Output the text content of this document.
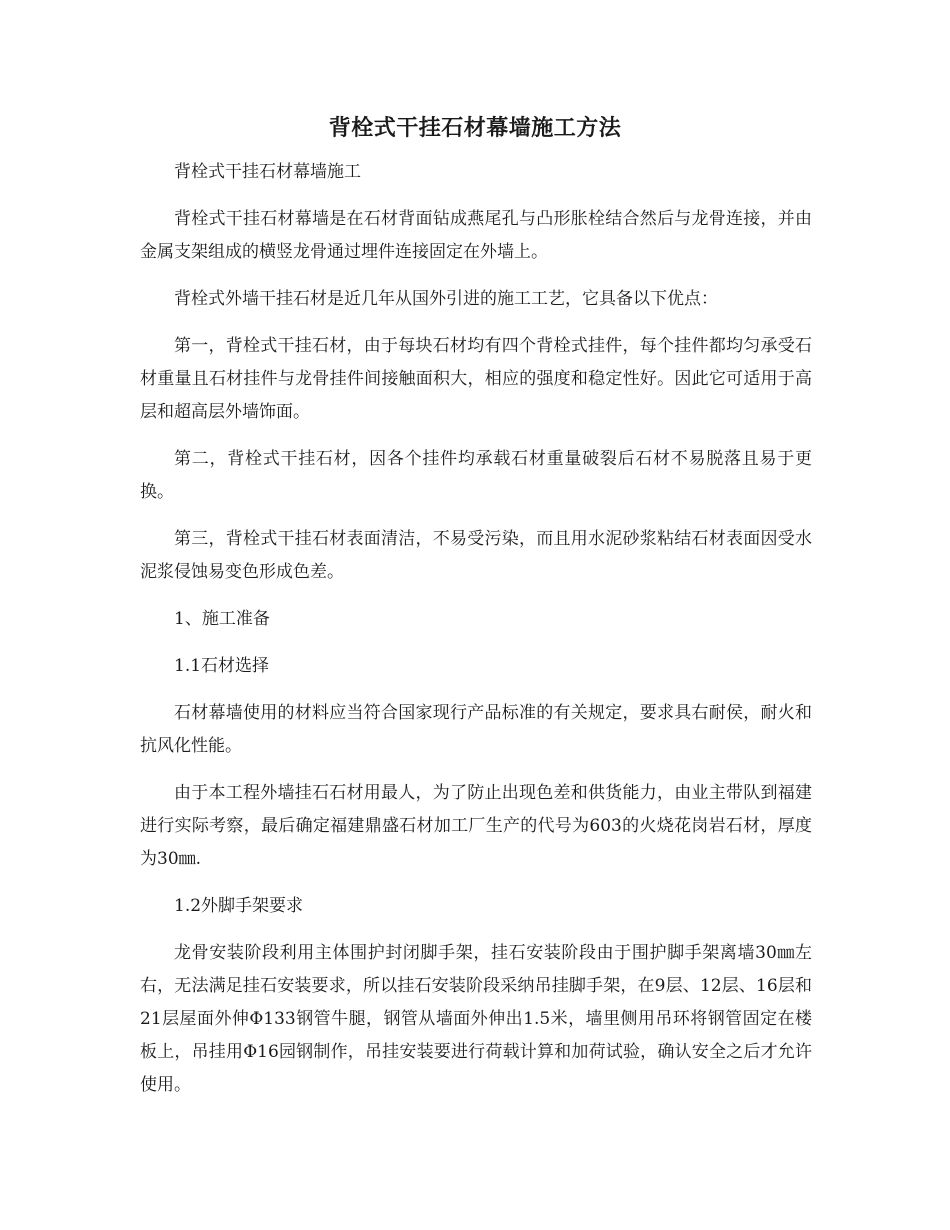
背栓式干挂石材幕墙施工方法

背栓式干挂石材幕墙施工

背栓式干挂石材幕墙是在石材背面钻成燕尾孔与凸形胀栓结合然后与龙骨连接，并由金属支架组成的横竖龙骨通过埋件连接固定在外墙上。

背栓式外墙干挂石材是近几年从国外引进的施工工艺，它具备以下优点：

第一，背栓式干挂石材，由于每块石材均有四个背栓式挂件，每个挂件都均匀承受石材重量且石材挂件与龙骨挂件间接触面积大，相应的强度和稳定性好。因此它可适用于高层和超高层外墙饰面。

第二，背栓式干挂石材，因各个挂件均承载石材重量破裂后石材不易脱落且易于更换。

第三，背栓式干挂石材表面清洁，不易受污染，而且用水泥砂浆粘结石材表面因受水泥浆侵蚀易变色形成色差。

1、施工准备

1.1石材选择

石材幕墙使用的材料应当符合国家现行产品标准的有关规定，要求具右耐侯，耐火和抗风化性能。

由于本工程外墙挂石石材用最人，为了防止出现色差和供货能力，由业主带队到福建进行实际考察，最后确定福建鼎盛石材加工厂生产的代号为603的火烧花岗岩石材，厚度为30㎜.

1.2外脚手架要求

龙骨安装阶段利用主体围护封闭脚手架，挂石安装阶段由于围护脚手架离墙30㎜左右，无法满足挂石安装要求，所以挂石安装阶段采纳吊挂脚手架，在9层、12层、16层和21层屋面外伸Φ133钢管牛腿，钢管从墙面外伸出1.5米，墙里侧用吊环将钢管固定在楼板上，吊挂用Φ16园钢制作，吊挂安装要进行荷载计算和加荷试验，确认安全之后才允许使用。
